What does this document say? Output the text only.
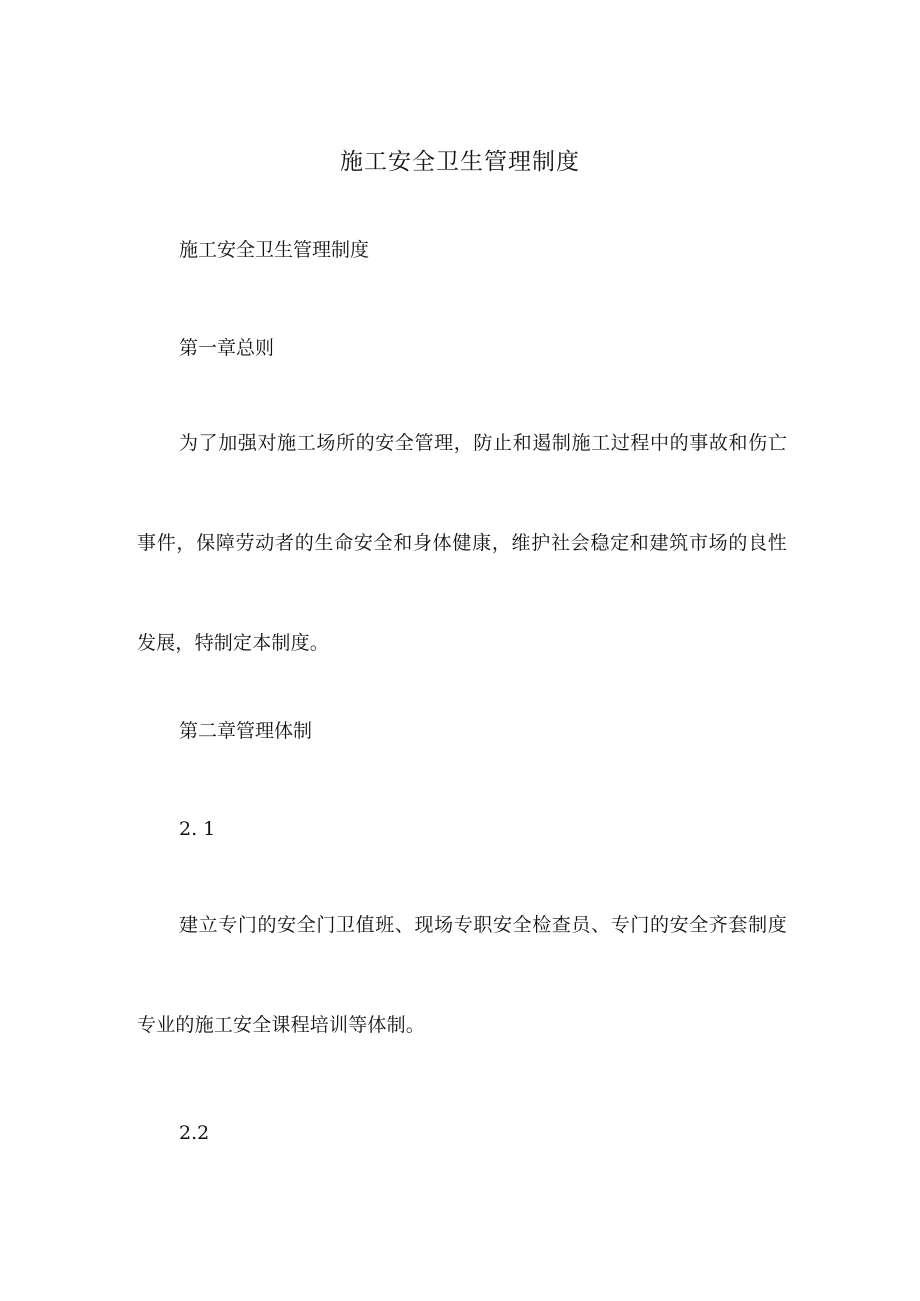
施工安全卫生管理制度
施工安全卫生管理制度
第一章总则

为了加强对施工场所的安全管理，防止和遏制施工过程中的事故和伤亡事件，保障劳动者的生命安全和身体健康，维护社会稳定和建筑市场的良性发展，特制定本制度。

第二章管理体制
2. 1

建立专门的安全门卫值班、现场专职安全检查员、专门的安全齐套制度专业的施工安全课程培训等体制。

2.2
